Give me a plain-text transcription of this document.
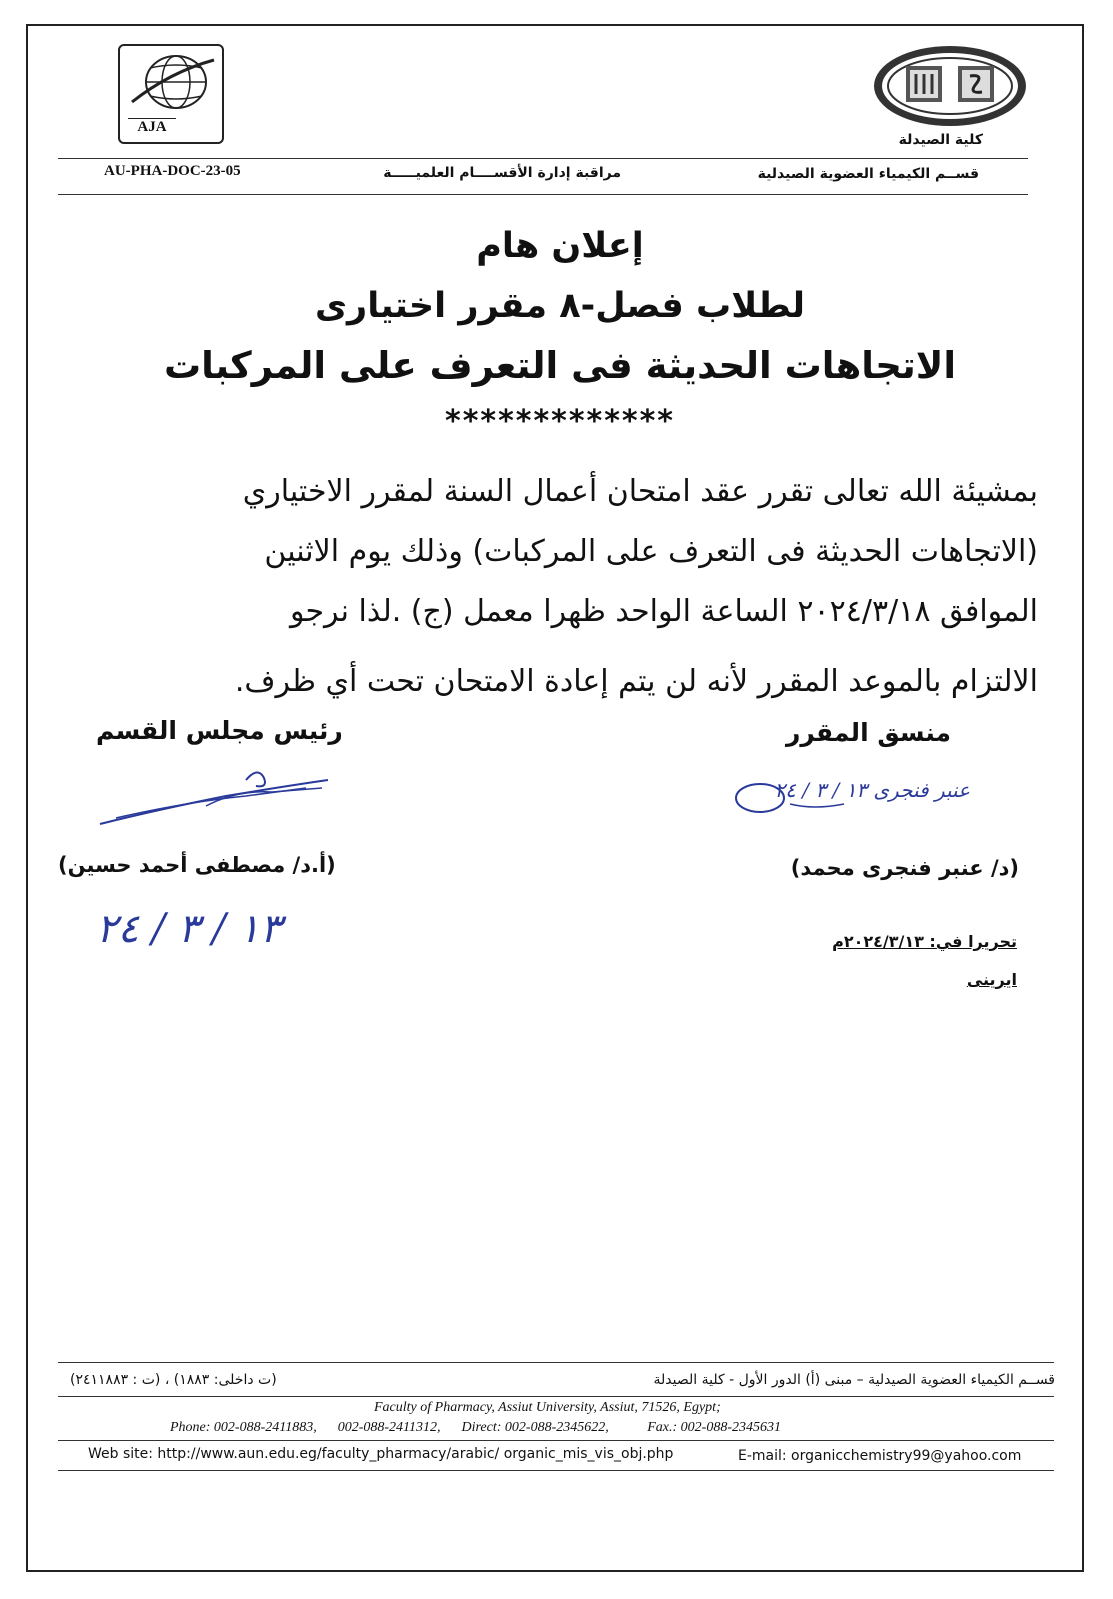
AJA
كلية الصيدلة
قســم الكيمياء العضوية الصيدلية
مراقبة إدارة الأقســــام العلميـــــة
AU-PHA-DOC-23-05
إعلان هام
لطلاب فصل-٨ مقرر اختيارى
الاتجاهات الحديثة فى التعرف على المركبات
*************
بمشيئة الله تعالى تقرر عقد امتحان أعمال السنة لمقرر الاختياري
(الاتجاهات الحديثة فى التعرف على المركبات) وذلك يوم الاثنين
الموافق ٢٠٢٤/٣/١٨ الساعة الواحد ظهرا معمل (ج) .لذا نرجو
الالتزام بالموعد المقرر لأنه لن يتم إعادة الامتحان تحت أي ظرف.
منسق المقرر
رئيس مجلس القسم
عنبر فنجرى ١٣ / ٣ / ٢٤
(د/ عنبر فنجرى محمد)
(أ.د/ مصطفى أحمد حسين)
١٣ / ٣ / ٢٤	تحريرا في: ٢٠٢٤/٣/١٣م
ايرينى
قســم الكيمياء العضوية الصيدلية – مبنى (أ) الدور الأول - كلية الصيدلة
(ت داخلى: ١٨٨٣) ، (ت : ٢٤١١٨٨٣)
Faculty of Pharmacy, Assiut University, Assiut, 71526, Egypt;
Phone: 002-088-2411883,      002-088-2411312,      Direct: 002-088-2345622,           Fax.: 002-088-2345631
Web site: http://www.aun.edu.eg/faculty_pharmacy/arabic/ organic_mis_vis_obj.php	E-mail: organicchemistry99@yahoo.com
